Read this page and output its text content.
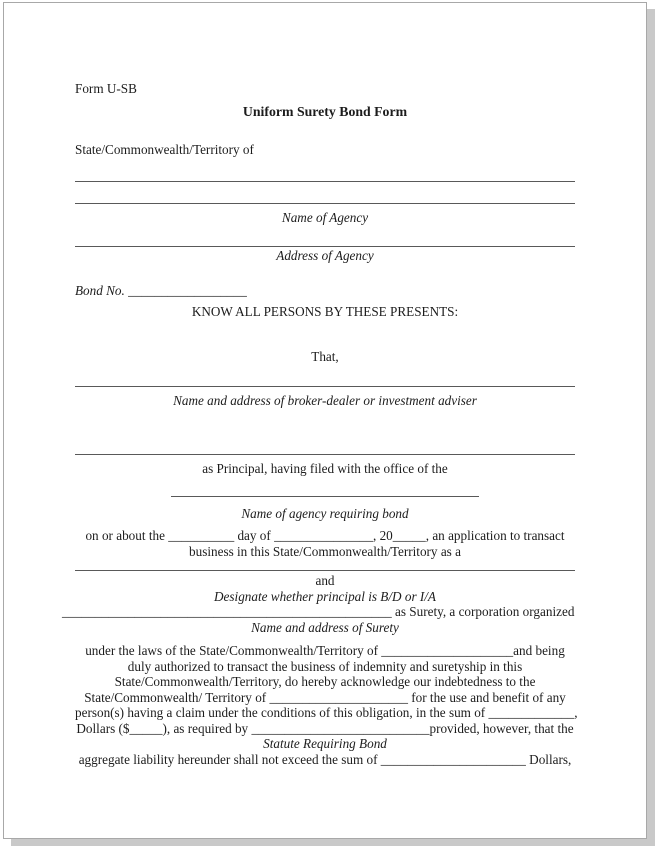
Form U-SB
Uniform Surety Bond Form
State/Commonwealth/Territory of
Name of Agency
Address of Agency
Bond No. __________________
KNOW ALL PERSONS BY THESE PRESENTS:
That,
Name and address of broker-dealer or investment adviser
as Principal, having filed with the office of the
Name of agency requiring bond
on or about the __________ day of _______________, 20_____, an application to transact
business in this State/Commonwealth/Territory as a
and
Designate whether principal is B/D or I/A
__________________________________________________ as Surety, a corporation organized
Name and address of Surety
under the laws of the State/Commonwealth/Territory of ____________________and being
duly authorized to transact the business of indemnity and suretyship in this
State/Commonwealth/Territory, do hereby acknowledge our indebtedness to the
State/Commonwealth/ Territory of _____________________ for the use and benefit of any
person(s) having a claim under the conditions of this obligation, in the sum of _____________,
Dollars ($_____), as required by ___________________________provided, however, that the
Statute Requiring Bond
aggregate liability hereunder shall not exceed the sum of ______________________ Dollars,
